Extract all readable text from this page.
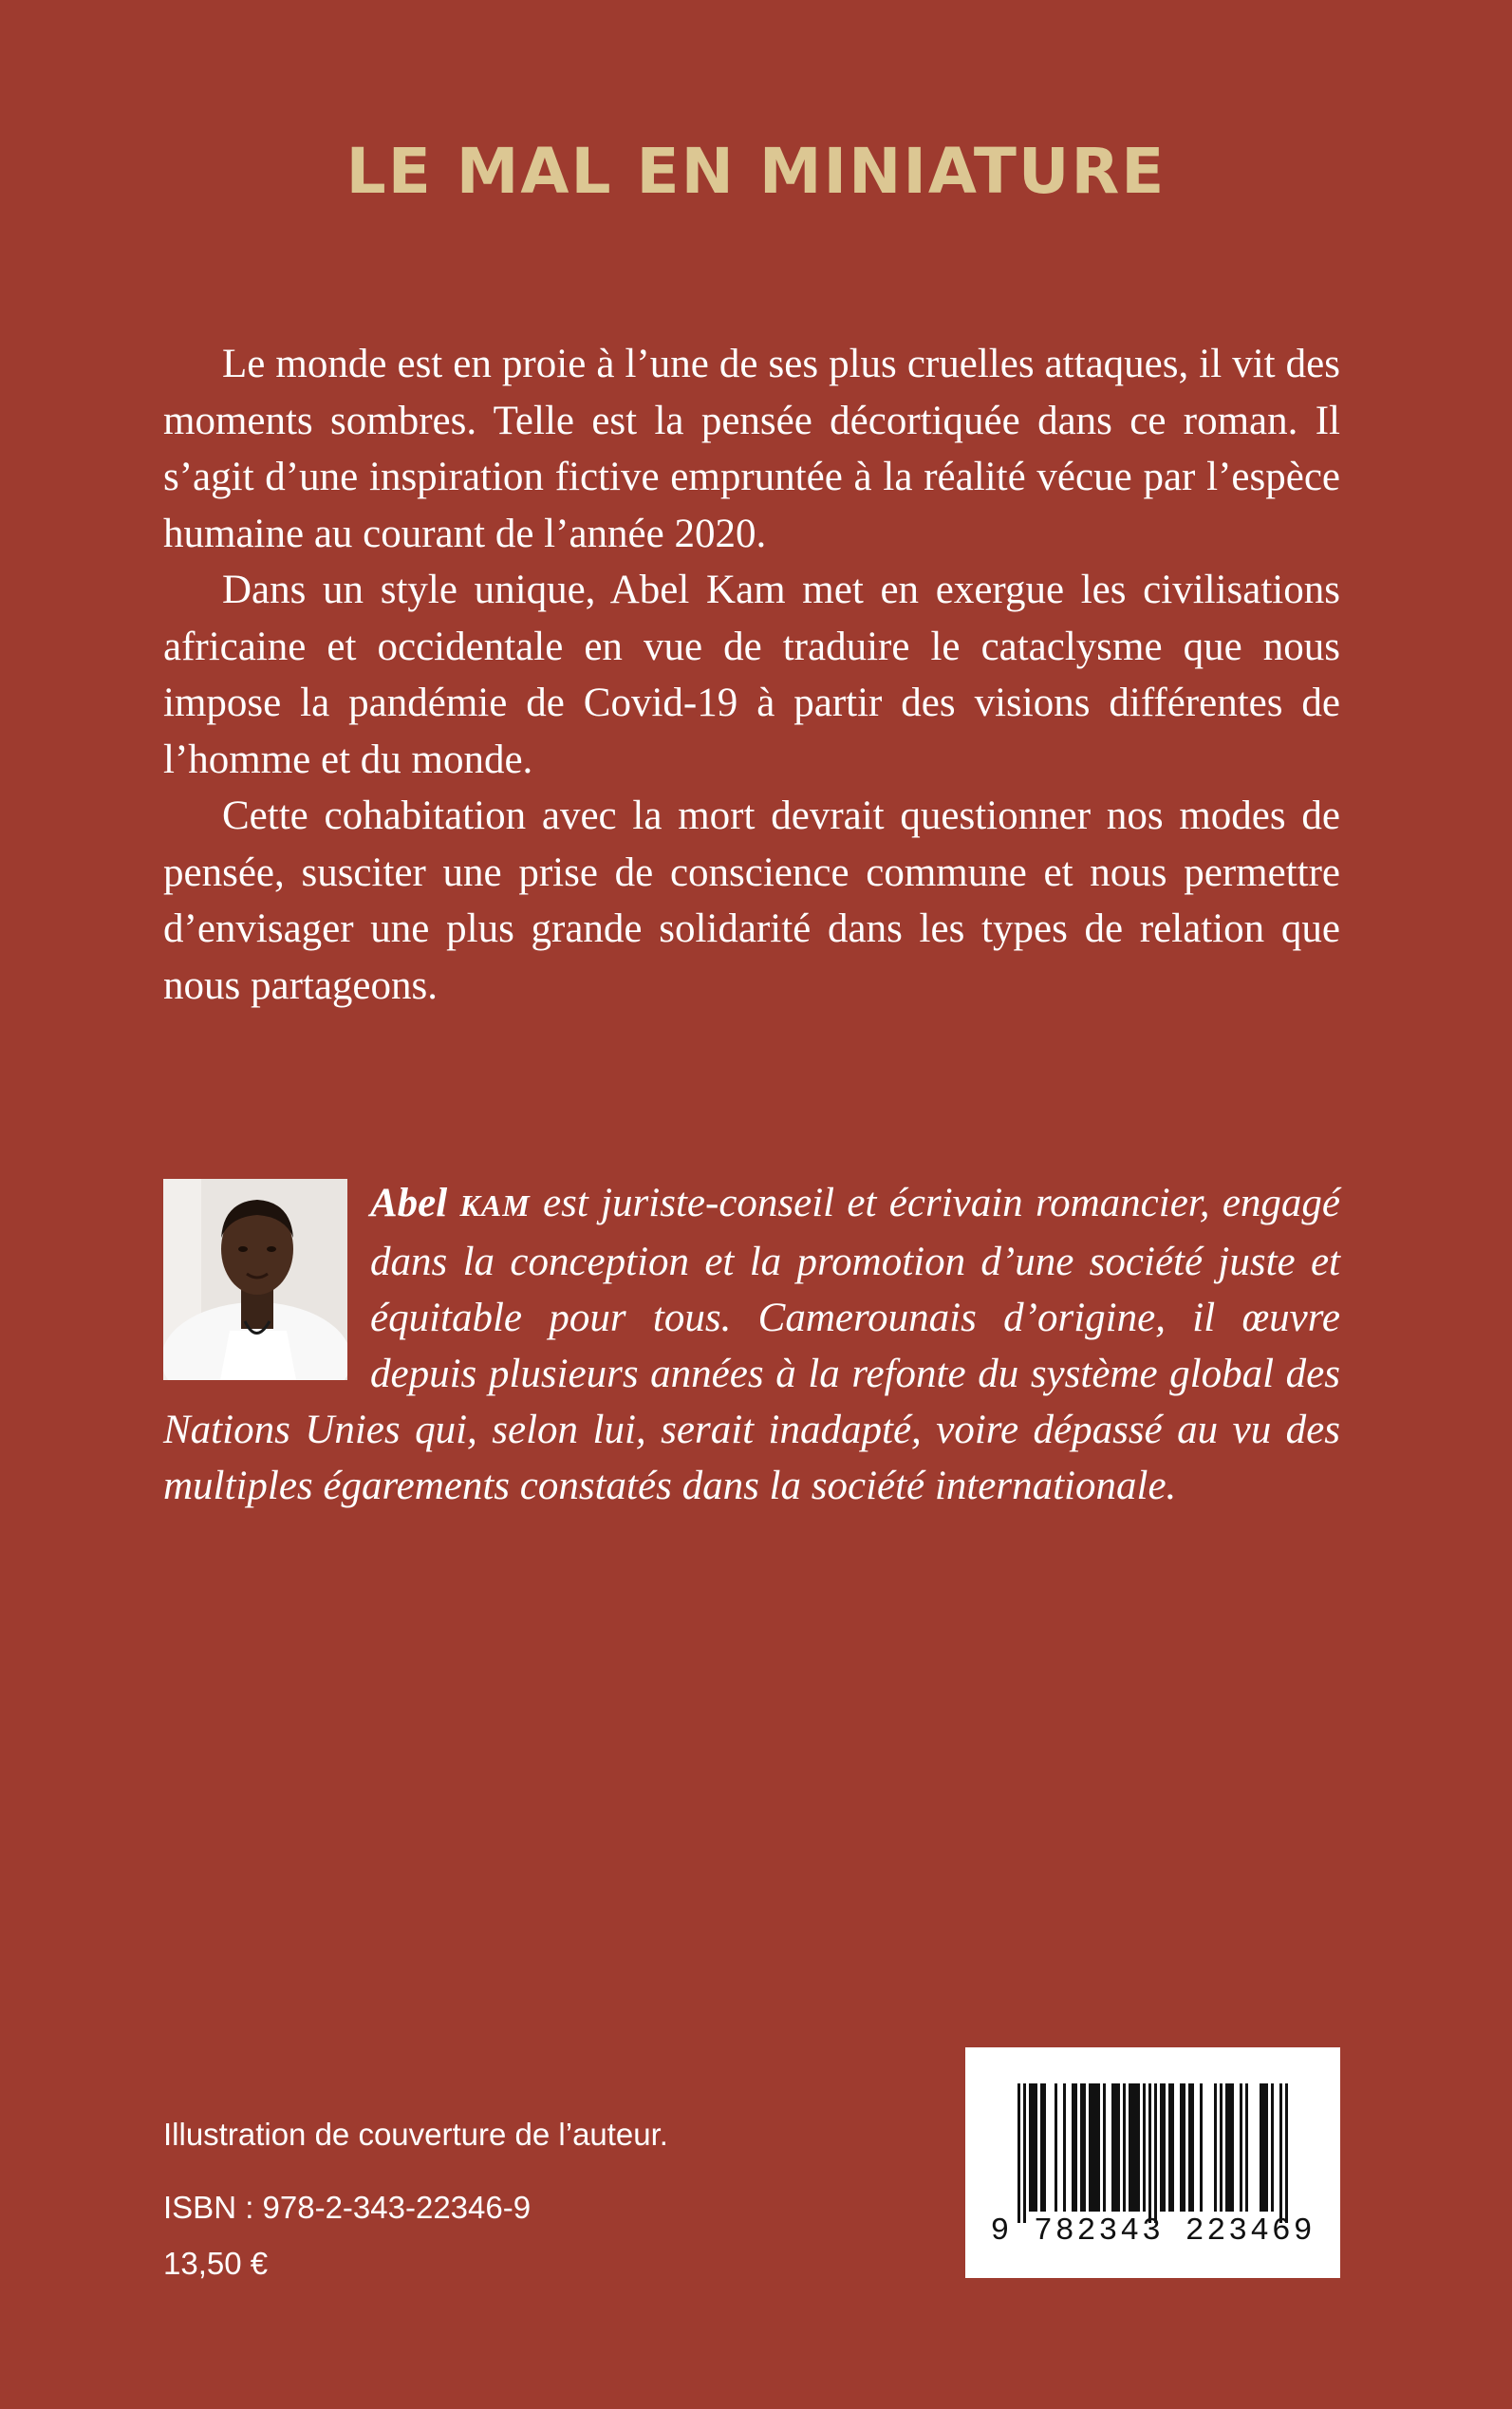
LE MAL EN MINIATURE

Le monde est en proie à l’une de ses plus cruelles attaques, il vit des moments sombres. Telle est la pensée décortiquée dans ce roman. Il s’agit d’une inspiration fictive empruntée à la réalité vécue par l’espèce humaine au courant de l’année 2020.

Dans un style unique, Abel Kam met en exergue les civilisations africaine et occidentale en vue de traduire le cataclysme que nous impose la pandémie de Covid-19 à partir des visions différentes de l’homme et du monde.

Cette cohabitation avec la mort devrait questionner nos modes de pensée, susciter une prise de conscience commune et nous permettre d’envisager une plus grande solidarité dans les types de relation que nous partageons.

Abel KAM est juriste-conseil et écrivain romancier, engagé dans la conception et la promotion d’une société juste et équitable pour tous. Camerounais d’origine, il œuvre depuis plusieurs années à la refonte du système global des Nations Unies qui, selon lui, serait inadapté, voire dépassé au vu des multiples égarements constatés dans la société internationale.
Illustration de couverture de l’auteur.
ISBN : 978-2-343-22346-9
13,50 €
9 782343 223469
